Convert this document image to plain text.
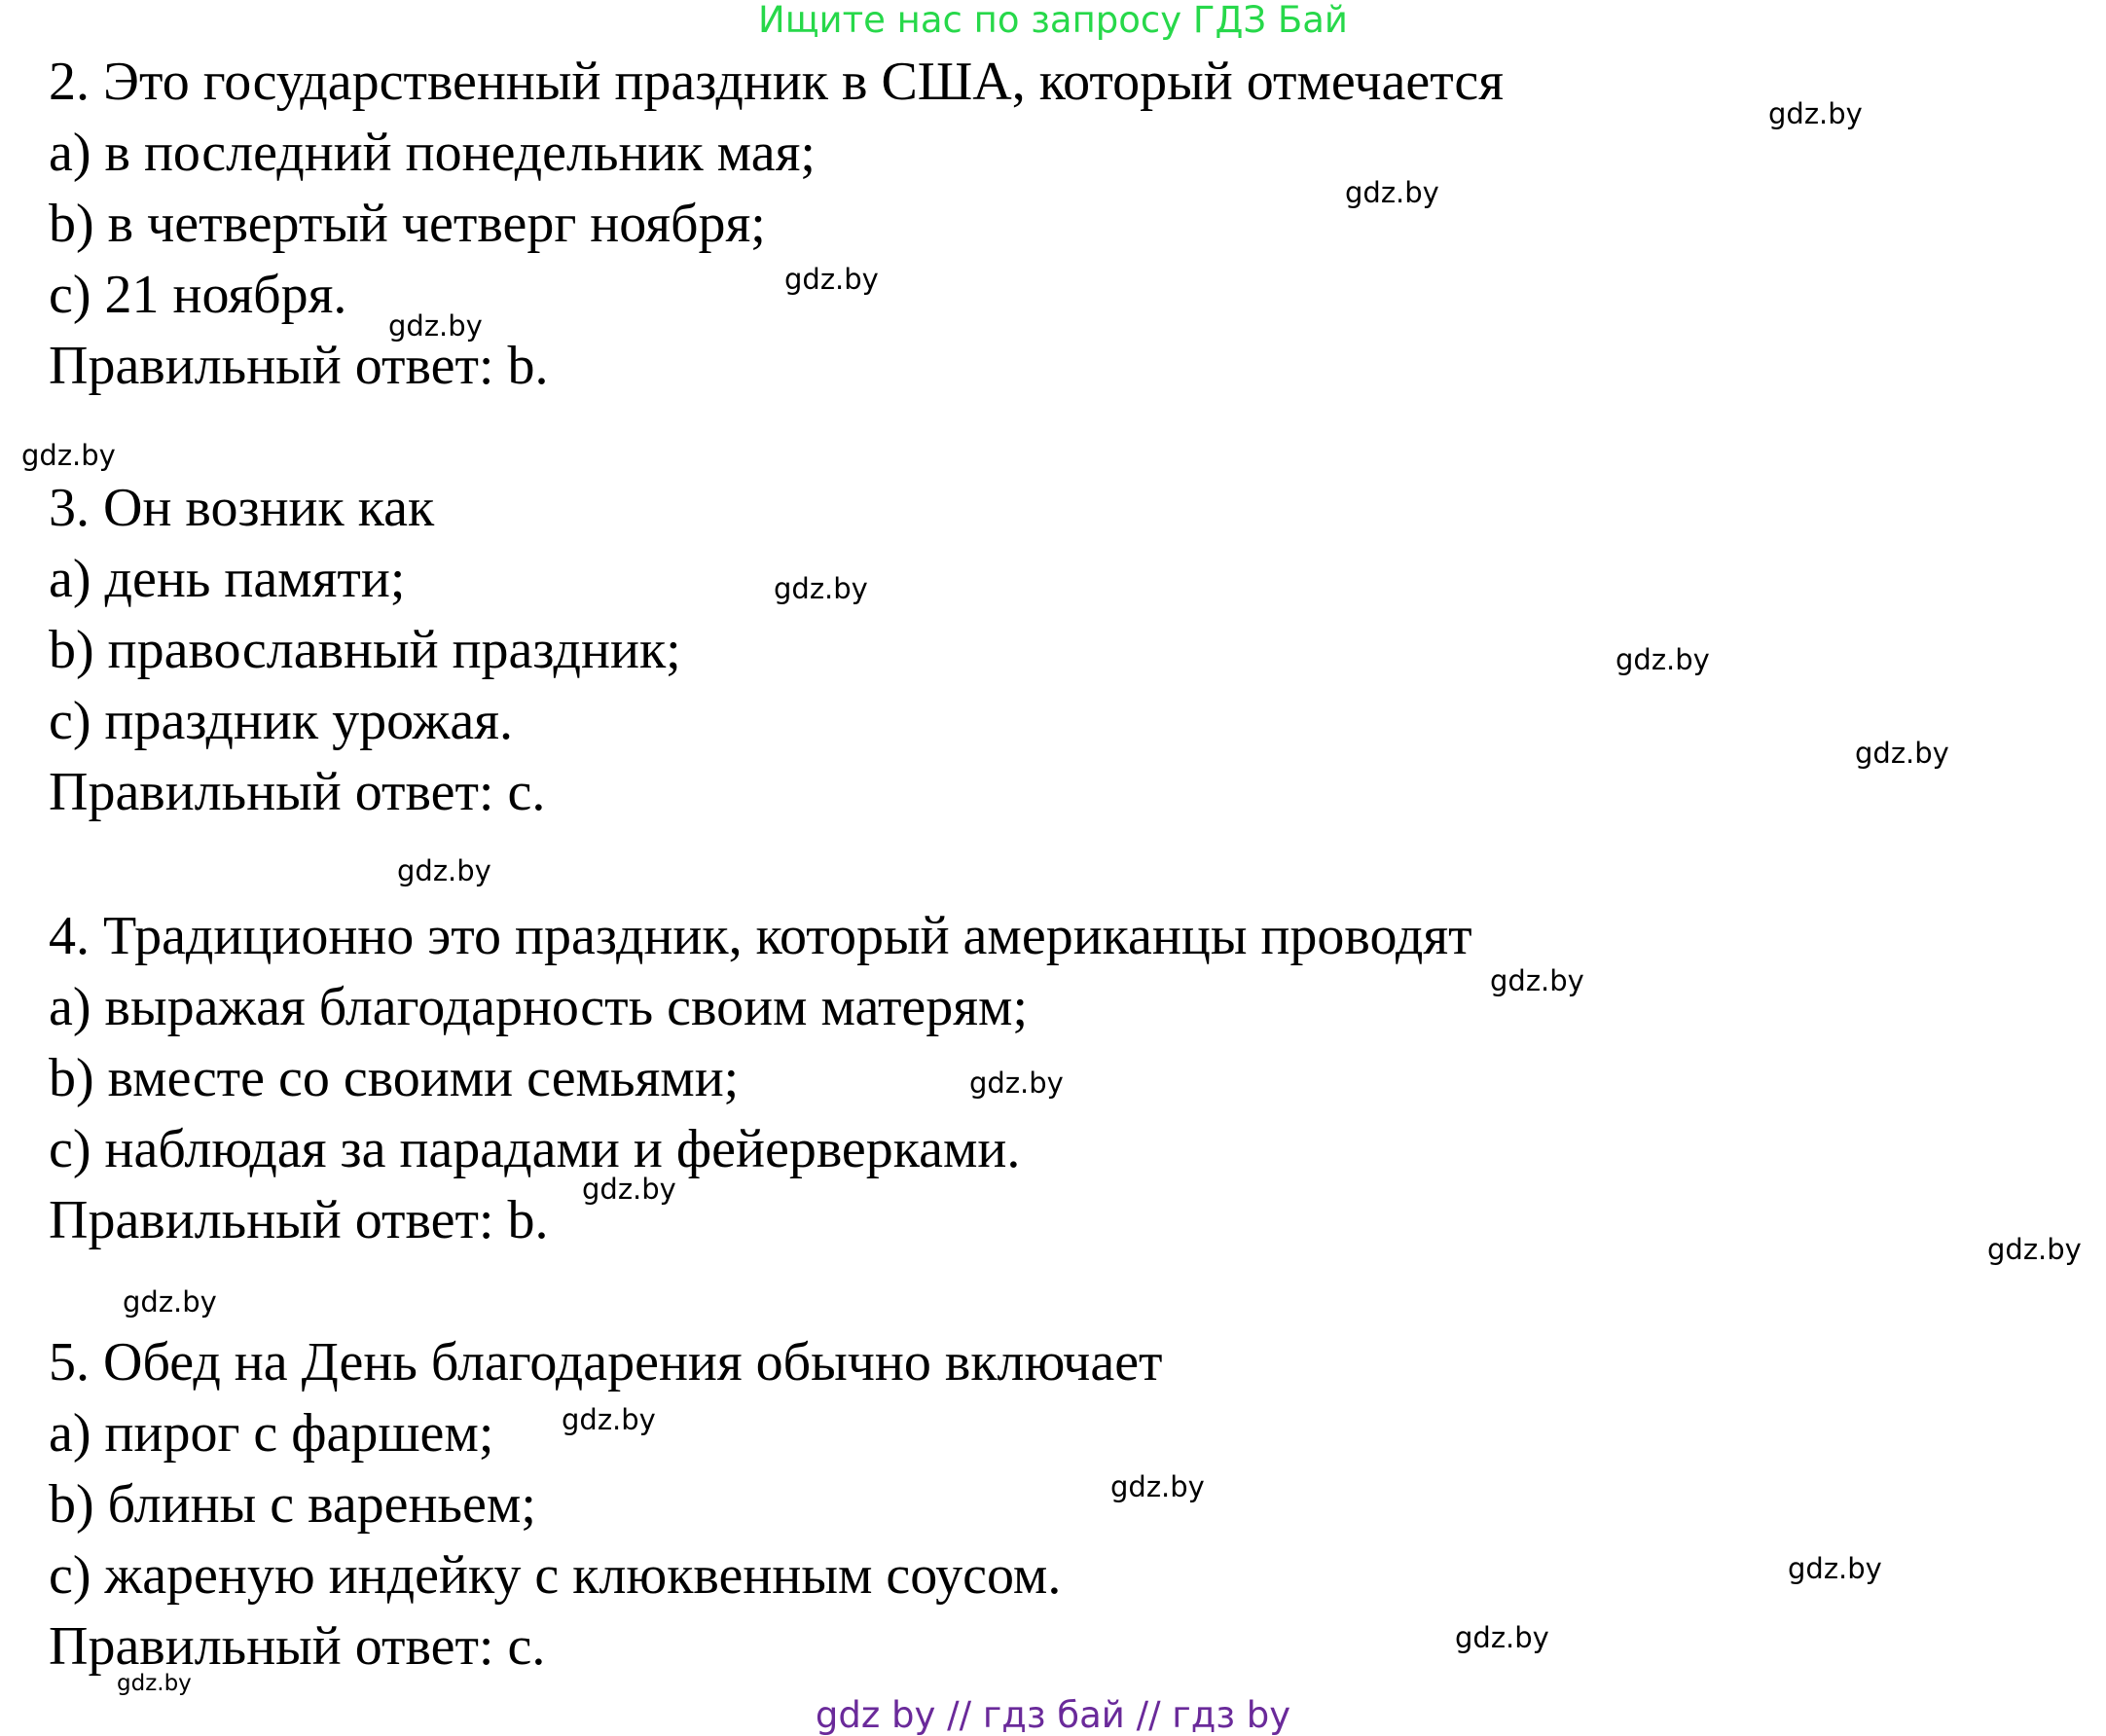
Ищите нас по запросу ГДЗ Бай
2. Это государственный праздник в США, который отмечается
a) в последний понедельник мая;
b) в четвертый четверг ноября;
c) 21 ноября.
Правильный ответ: b.
3. Он возник как
a) день памяти;
b) православный праздник;
c) праздник урожая.
Правильный ответ: c.
4. Традиционно это праздник, который американцы проводят
a) выражая благодарность своим матерям;
b) вместе со своими семьями;
c) наблюдая за парадами и фейерверками.
Правильный ответ: b.
5. Обед на День благодарения обычно включает
a) пирог с фаршем;
b) блины с вареньем;
c) жареную индейку с клюквенным соусом.
Правильный ответ: c.
gdz.by
gdz.by
gdz.by
gdz.by
gdz.by
gdz.by
gdz.by
gdz.by
gdz.by
gdz.by
gdz.by
gdz.by
gdz.by
gdz.by
gdz.by
gdz.by
gdz.by
gdz.by
gdz.by
gdz by // гдз бай // гдз by
